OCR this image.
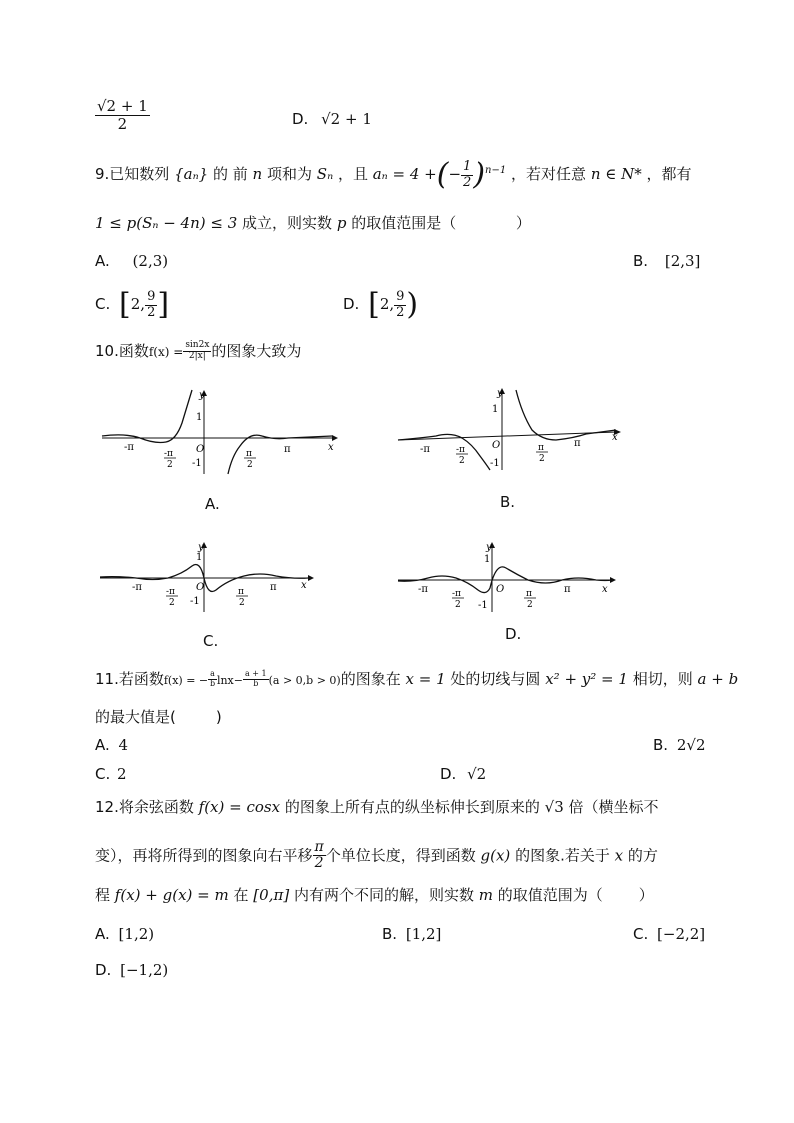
$\frac{√2 + 1}{2}$	D. √2 + 1
9.已知数列 {aₙ} 的 前 n 项和为 Sₙ ，且 aₙ = 4 +(− $\frac{1}{2} )^{n-1}$ ，若对任意 n ∈ N* ，都有
1 ≤ p(Sₙ − 4n) ≤ 3 成立，则实数 p 的取值范围是（	）
A. (2,3)	B. [2,3]
C. [2, $\frac{9}{2}$ ]	D. [2, $\frac{9}{2}$ )
10.函数$f(x) = \frac{\sin 2x}{2|x|}$ 的图象大致为
y
x
1
-1
O
-π
-π
2
π
2
π
A.
y
x
1
-1
O
-π	-π
2
π
2
π
B.
y
x
1
-1
O
-π	-π
2
π
2
π
C.
y
x
1
-1
O
-π	-π
2
π
2
π
D.
11.若函数f(x) = − $\frac{a}{b} \ln x- \frac{a + 1}{b} (a > 0,b > 0)$的图象在 x = 1 处的切线与圆 x² + y² = 1 相切，则 a + b
的最大值是(	)
A. 4	B. 2√2
C. 2	D. √2
12.将余弦函数 f(x) = cosx 的图象上所有点的纵坐标伸长到原来的 √3 倍（横坐标不
变），再将所得到的图象向右平移 $\frac{\pi}{2}$ 个单位长度，得到函数 g(x) 的图象.若关于 x 的方
程 f(x) + g(x) = m 在 [0,π] 内有两个不同的解，则实数 m 的取值范围为（ ）
A. [1,2)	B. [1,2]	C. [−2,2]
D. [−1,2)
